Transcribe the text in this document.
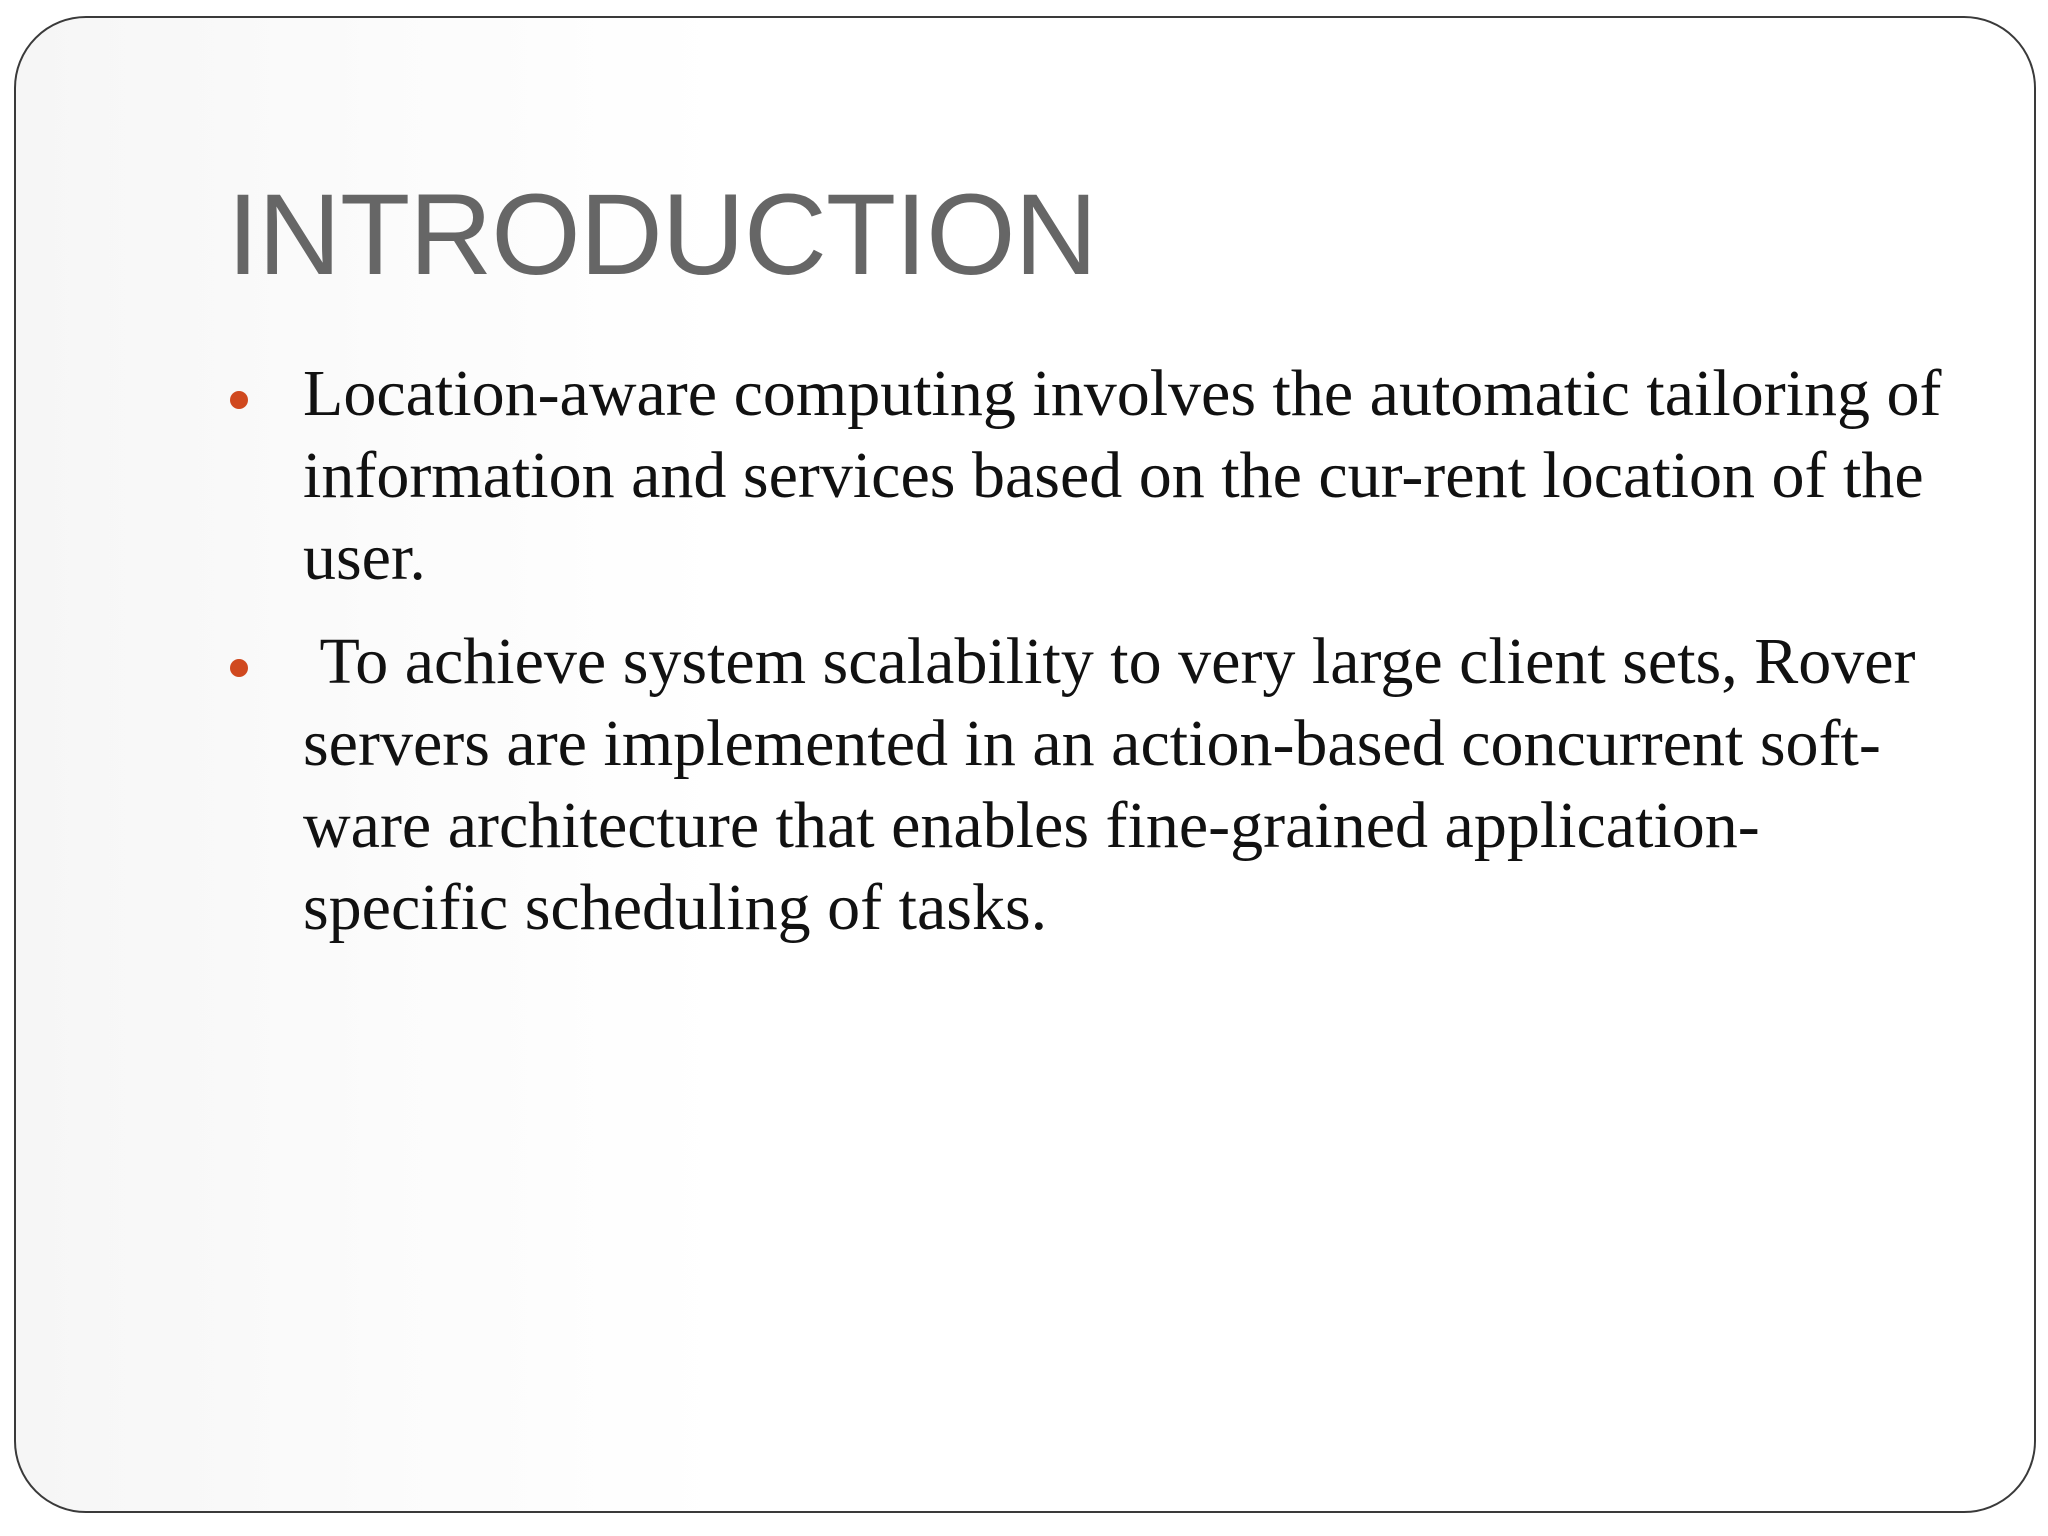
INTRODUCTION
Location-aware computing involves the automatic tailoring of information and services based on the cur-rent location of the user.
To achieve system scalability to very large client sets, Rover servers are implemented in an action-based concurrent soft-ware architecture that enables fine-grained application-specific scheduling of tasks.
